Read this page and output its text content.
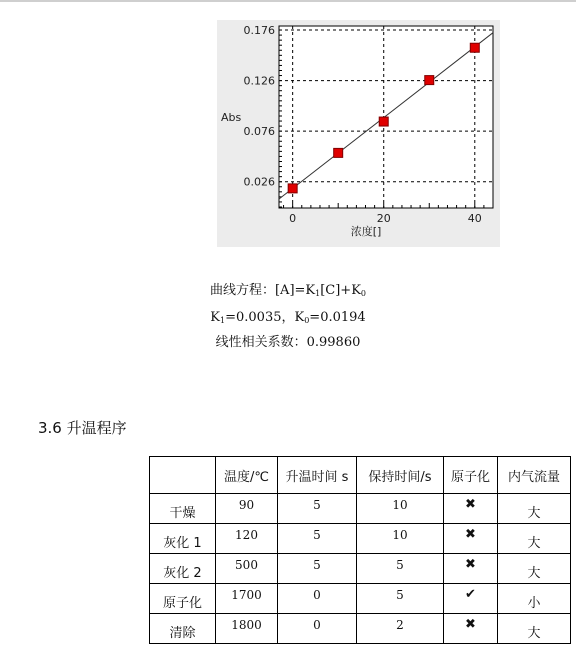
0	20	40
0.026
0.076
0.126
0.176
Abs
浓度[]
曲线方程：$[A]=K_1[C]+K_0$
$K_1=0.0035$，$K_0=0.0194$
线性相关系数：0.99860
3.6 升温程序
	温度/℃	升温时间 s	保持时间/s	原子化	内气流量

干燥	90	5	10	✖	大

灰化 1	120	5	10	✖	大

灰化 2	500	5	5	✖	大

原子化	1700	0	5	✔	小

清除	1800	0	2	✖	大
